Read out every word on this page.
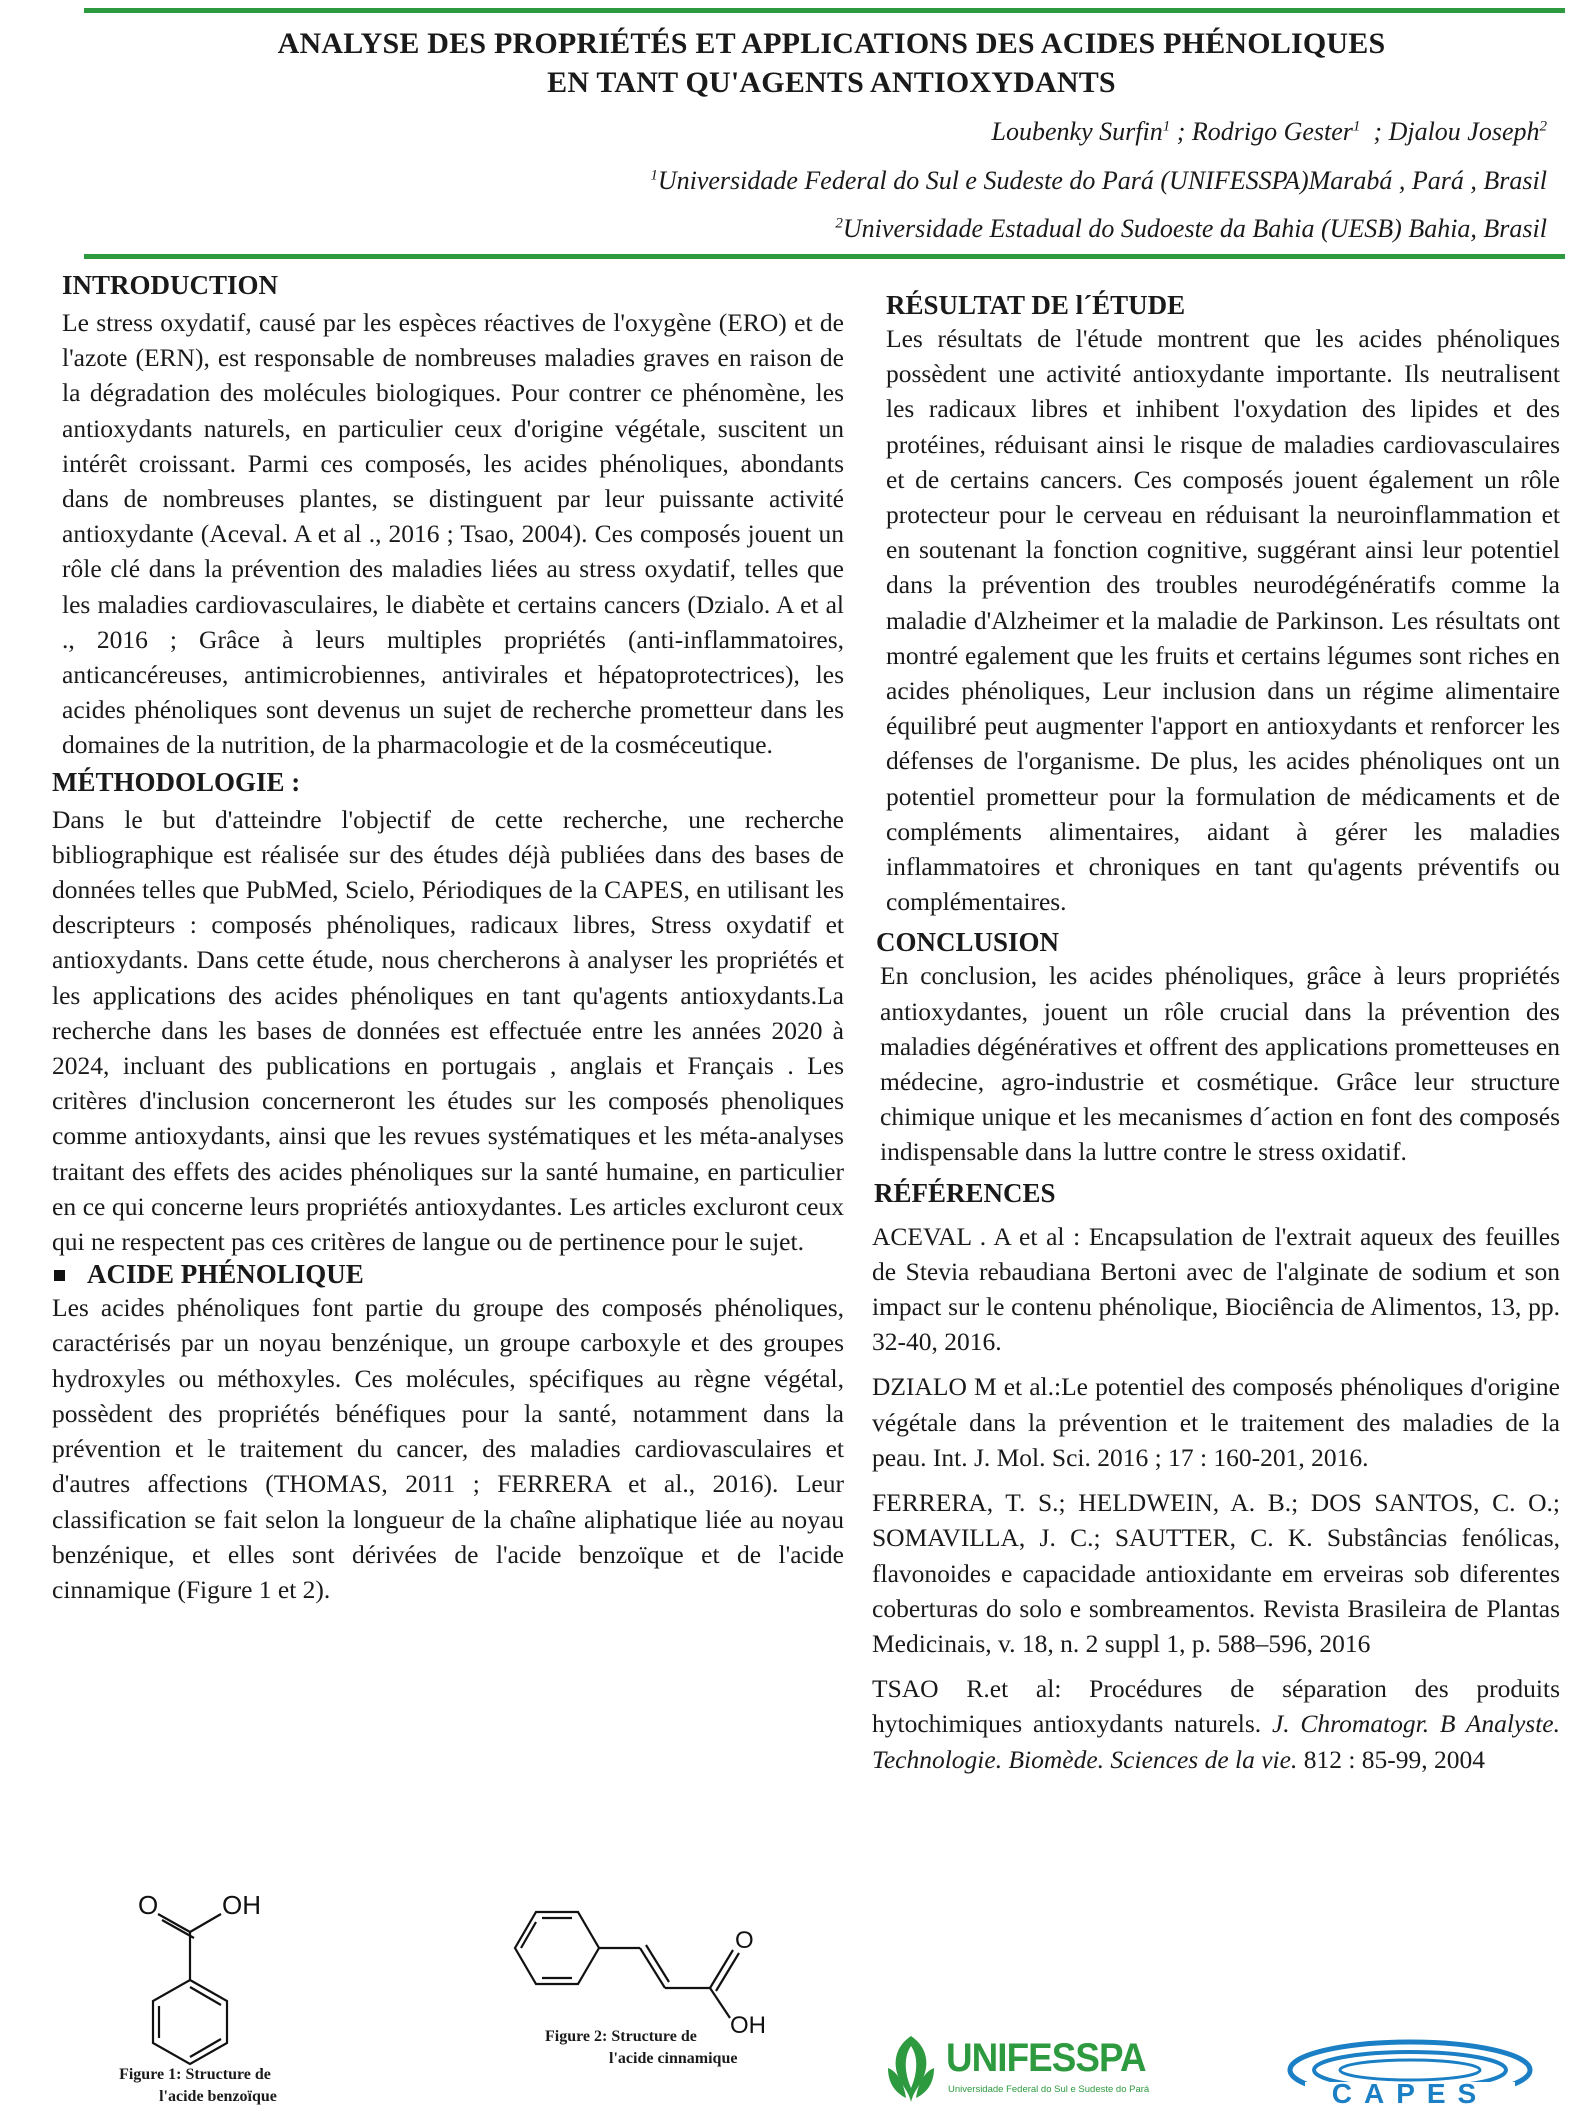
ANALYSE DES PROPRIÉTÉS ET APPLICATIONS DES ACIDES PHÉNOLIQUES
EN TANT QU'AGENTS ANTIOXYDANTS
Loubenky Surfin$^1$ ; Rodrigo Gester$^1$  ; Djalou Joseph$^2$
$^1$Universidade Federal do Sul e Sudeste do Pará (UNIFESSPA)Marabá , Pará , Brasil
$^2$Universidade Estadual do Sudoeste da Bahia (UESB) Bahia, Brasil
INTRODUCTION

Le stress oxydatif, causé par les espèces réactives de l'oxygène (ERO) et de l'azote (ERN), est responsable de nombreuses maladies graves en raison de la dégradation des molécules biologiques. Pour contrer ce phénomène, les antioxydants naturels, en particulier ceux d'origine végétale, suscitent un intérêt croissant. Parmi ces composés, les acides phénoliques, abondants dans de nombreuses plantes, se distinguent par leur puissante activité antioxydante (Aceval. A et al ., 2016 ; Tsao, 2004). Ces composés jouent un rôle clé dans la prévention des maladies liées au stress oxydatif, telles que les maladies cardiovasculaires, le diabète et certains cancers (Dzialo. A et al ., 2016 ; Grâce à leurs multiples propriétés (anti-inflammatoires, anticancéreuses, antimicrobiennes, antivirales et hépatoprotectrices), les acides phénoliques sont devenus un sujet de recherche prometteur dans les domaines de la nutrition, de la pharmacologie et de la cosméceutique.

MÉTHODOLOGIE :

Dans le but d'atteindre l'objectif de cette recherche, une recherche bibliographique est réalisée sur des études déjà publiées dans des bases de données telles que PubMed, Scielo, Périodiques de la CAPES, en utilisant les descripteurs : composés phénoliques, radicaux libres, Stress oxydatif et antioxydants. Dans cette étude, nous chercherons à analyser les propriétés et les applications des acides phénoliques en tant qu'agents antioxydants.La recherche dans les bases de données est effectuée entre les années 2020 à 2024, incluant des publications en portugais , anglais et Français . Les critères d'inclusion concerneront les études sur les composés phenoliques comme antioxydants, ainsi que les revues systématiques et les méta-analyses traitant des effets des acides phénoliques sur la santé humaine, en particulier en ce qui concerne leurs propriétés antioxydantes. Les articles excluront ceux qui ne respectent pas ces critères de langue ou de pertinence pour le sujet.

ACIDE PHÉNOLIQUE

Les acides phénoliques font partie du groupe des composés phénoliques, caractérisés par un noyau benzénique, un groupe carboxyle et des groupes hydroxyles ou méthoxyles. Ces molécules, spécifiques au règne végétal, possèdent des propriétés bénéfiques pour la santé, notamment dans la prévention et le traitement du cancer, des maladies cardiovasculaires et d'autres affections (THOMAS, 2011 ; FERRERA et al., 2016). Leur classification se fait selon la longueur de la chaîne aliphatique liée au noyau benzénique, et elles sont dérivées de l'acide benzoïque et de l'acide cinnamique (Figure 1 et 2).

O OH
Figure 1: Structure de
l'acide benzoïque
O
OH
Figure 2: Structure de
l'acide cinnamique
RÉSULTAT DE l´ÉTUDE

Les résultats de l'étude montrent que les acides phénoliques possèdent une activité antioxydante importante. Ils neutralisent les radicaux libres et inhibent l'oxydation des lipides et des protéines, réduisant ainsi le risque de maladies cardiovasculaires et de certains cancers. Ces composés jouent également un rôle protecteur pour le cerveau en réduisant la neuroinflammation et en soutenant la fonction cognitive, suggérant ainsi leur potentiel dans la prévention des troubles neurodégénératifs comme la maladie d'Alzheimer et la maladie de Parkinson. Les résultats ont montré egalement que les fruits et certains légumes sont riches en acides phénoliques, Leur inclusion dans un régime alimentaire équilibré peut augmenter l'apport en antioxydants et renforcer les défenses de l'organisme. De plus, les acides phénoliques ont un potentiel prometteur pour la formulation de médicaments et de compléments alimentaires, aidant à gérer les maladies inflammatoires et chroniques en tant qu'agents préventifs ou complémentaires.

CONCLUSION

En conclusion, les acides phénoliques, grâce à leurs propriétés antioxydantes, jouent un rôle crucial dans la prévention des maladies dégénératives et offrent des applications prometteuses en médecine, agro-industrie et cosmétique. Grâce leur structure chimique unique et les mecanismes d´action en font des composés indispensable dans la luttre contre le stress oxidatif.

RÉFÉRENCES

ACEVAL . A et al : Encapsulation de l'extrait aqueux des feuilles de Stevia rebaudiana Bertoni avec de l'alginate de sodium et son impact sur le contenu phénolique, Biociência de Alimentos, 13, pp. 32-40, 2016.

DZIALO M et al.:Le potentiel des composés phénoliques d'origine végétale dans la prévention et le traitement des maladies de la peau. Int. J. Mol. Sci. 2016 ; 17 : 160-201, 2016.

FERRERA, T. S.; HELDWEIN, A. B.; DOS SANTOS, C. O.; SOMAVILLA, J. C.; SAUTTER, C. K. Substâncias fenólicas, flavonoides e capacidade antioxidante em erveiras sob diferentes coberturas do solo e sombreamentos. Revista Brasileira de Plantas Medicinais, v. 18, n. 2 suppl 1, p. 588–596, 2016

TSAO R.et al: Procédures de séparation des produits hytochimiques antioxydants naturels. J. Chromatogr. B Analyste. Technologie. Biomède. Sciences de la vie. 812 : 85-99, 2004

UNIFESSPA
Universidade Federal do Sul e Sudeste do Pará	CAPES
